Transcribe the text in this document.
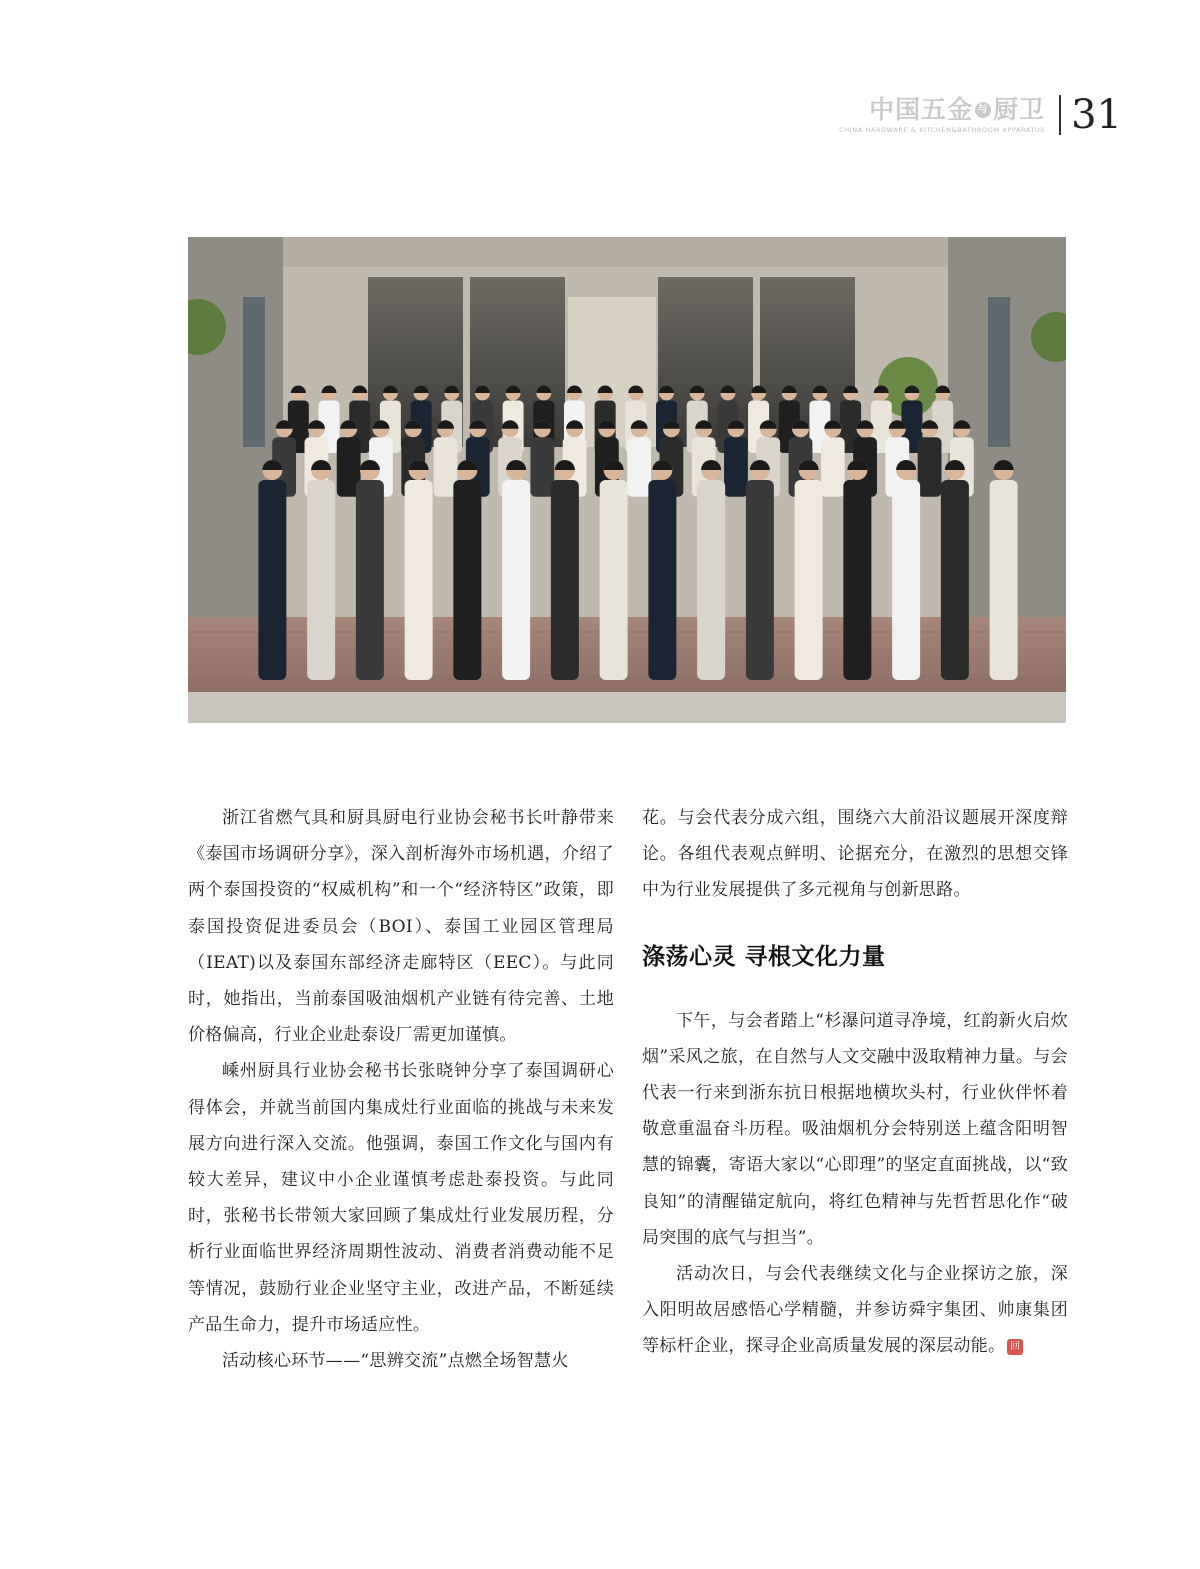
中国五金 与 厨卫
CHINA HARDWARE & KITCHEN&BATHROOM APPARATUS 31

浙江省燃气具和厨具厨电行业协会秘书长叶静带来《泰国市场调研分享》，深入剖析海外市场机遇，介绍了两个泰国投资的“权威机构”和一个“经济特区”政策，即泰国投资促进委员会（BOI）、泰国工业园区管理局（IEAT)以及泰国东部经济走廊特区（EEC）。与此同时，她指出，当前泰国吸油烟机产业链有待完善、土地价格偏高，行业企业赴泰设厂需更加谨慎。

嵊州厨具行业协会秘书长张晓钟分享了泰国调研心得体会，并就当前国内集成灶行业面临的挑战与未来发展方向进行深入交流。他强调，泰国工作文化与国内有较大差异，建议中小企业谨慎考虑赴泰投资。与此同时，张秘书长带领大家回顾了集成灶行业发展历程，分析行业面临世界经济周期性波动、消费者消费动能不足等情况，鼓励行业企业坚守主业，改进产品，不断延续产品生命力，提升市场适应性。

活动核心环节——“思辨交流”点燃全场智慧火

花。与会代表分成六组，围绕六大前沿议题展开深度辩论。各组代表观点鲜明、论据充分，在激烈的思想交锋中为行业发展提供了多元视角与创新思路。

涤荡心灵 寻根文化力量

下午，与会者踏上“杉瀑问道寻净境，红韵新火启炊烟”采风之旅，在自然与人文交融中汲取精神力量。与会代表一行来到浙东抗日根据地横坎头村，行业伙伴怀着敬意重温奋斗历程。吸油烟机分会特别送上蕴含阳明智慧的锦囊，寄语大家以“心即理”的坚定直面挑战，以“致良知”的清醒锚定航向，将红色精神与先哲哲思化作“破局突围的底气与担当”。

活动次日，与会代表继续文化与企业探访之旅，深入阳明故居感悟心学精髓，并参访舜宇集团、帅康集团等标杆企业，探寻企业高质量发展的深层动能。 回
